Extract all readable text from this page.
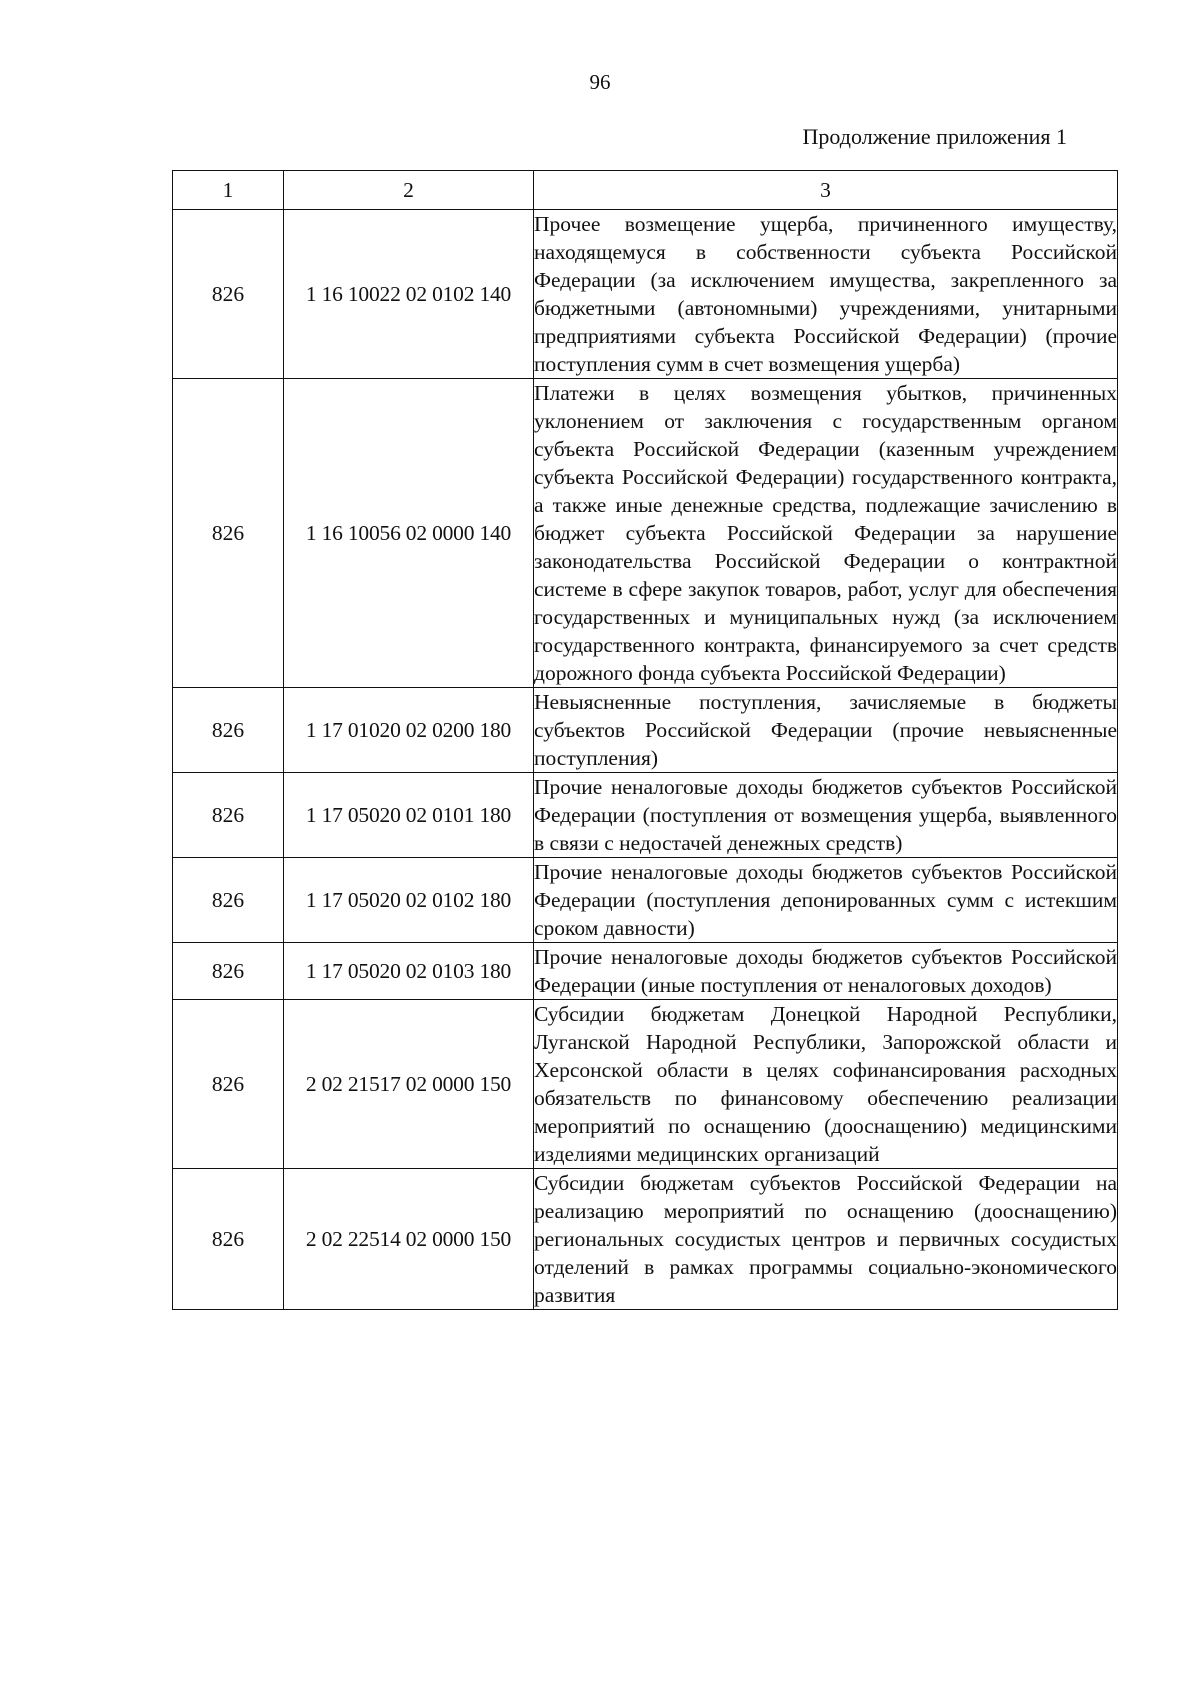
96
Продолжение приложения 1
1	2	3
826	1 16 10022 02 0102 140	Прочее возмещение ущерба, причиненного имуществу, находящемуся в собственности субъекта Российской Федерации (за исключением имущества, закрепленного за бюджетными (автономными) учреждениями, унитарными предприятиями субъекта Российской Федерации) (прочие поступления сумм в счет возмещения ущерба)
826	1 16 10056 02 0000 140	Платежи в целях возмещения убытков, причиненных уклонением от заключения с государственным органом субъекта Российской Федерации (казенным учреждением субъекта Российской Федерации) государственного контракта, а также иные денежные средства, подлежащие зачислению в бюджет субъекта Российской Федерации за нарушение законодательства Российской Федерации о контрактной системе в сфере закупок товаров, работ, услуг для обеспечения государственных и муниципальных нужд (за исключением государственного контракта, финансируемого за счет средств дорожного фонда субъекта Российской Федерации)
826	1 17 01020 02 0200 180	Невыясненные поступления, зачисляемые в бюджеты субъектов Российской Федерации (прочие невыясненные поступления)
826	1 17 05020 02 0101 180	Прочие неналоговые доходы бюджетов субъектов Российской Федерации (поступления от возмещения ущерба, выявленного в связи с недостачей денежных средств)
826	1 17 05020 02 0102 180	Прочие неналоговые доходы бюджетов субъектов Российской Федерации (поступления депонированных сумм с истекшим сроком давности)
826	1 17 05020 02 0103 180	Прочие неналоговые доходы бюджетов субъектов Российской Федерации (иные поступления от неналоговых доходов)
826	2 02 21517 02 0000 150	Субсидии бюджетам Донецкой Народной Республики, Луганской Народной Республики, Запорожской области и Херсонской области в целях софинансирования расходных обязательств по финансовому обеспечению реализации мероприятий по оснащению (дооснащению) медицинскими изделиями медицинских организаций
826	2 02 22514 02 0000 150	Субсидии бюджетам субъектов Российской Федерации на реализацию мероприятий по оснащению (дооснащению) региональных сосудистых центров и первичных сосудистых отделений в рамках программы социально-экономического развития
